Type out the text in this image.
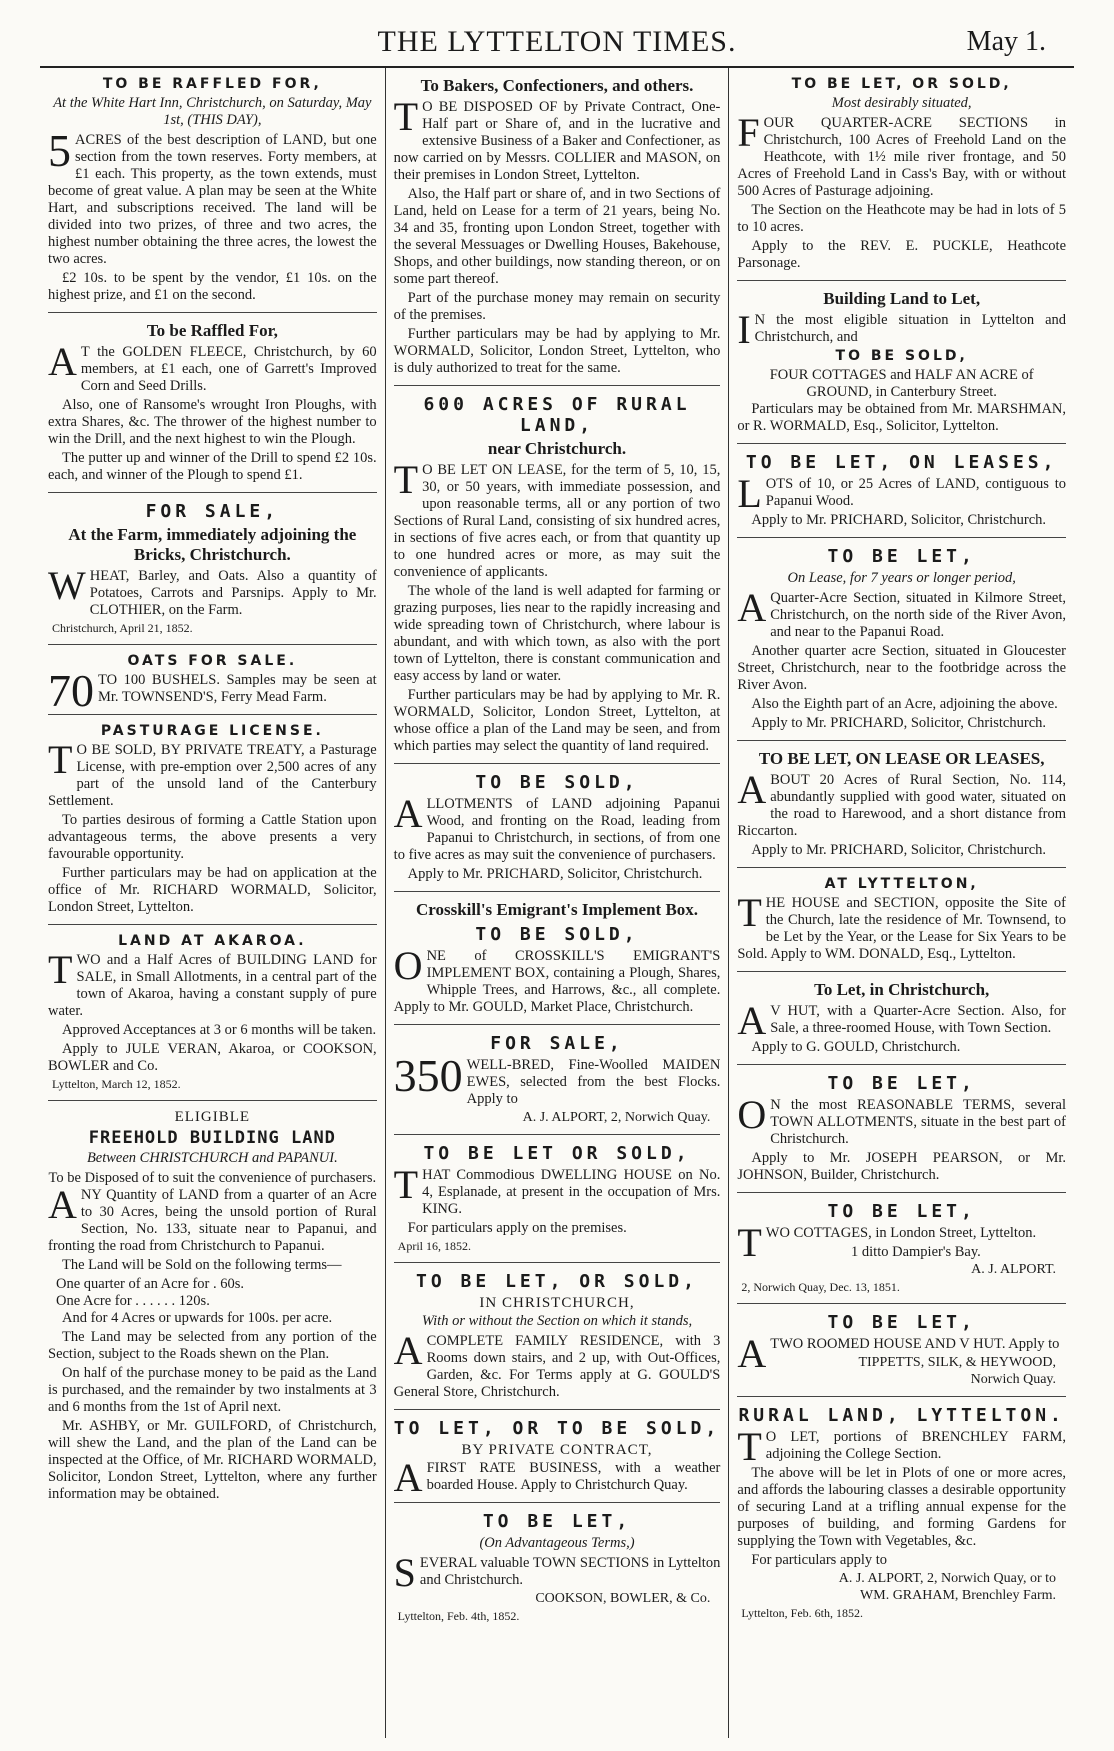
THE LYTTELTON TIMES.	May 1.
TO BE RAFFLED FOR,
At the White Hart Inn, Christchurch, on Saturday, May 1st, (THIS DAY),
5 ACRES of the best description of LAND, but one section from the town reserves. Forty members, at £1 each. This property, as the town extends, must become of great value. A plan may be seen at the White Hart, and subscriptions received. The land will be divided into two prizes, of three and two acres, the highest number obtaining the three acres, the lowest the two acres.

£2 10s. to be spent by the vendor, £1 10s. on the highest prize, and £1 on the second.

To be Raffled For,
A T the GOLDEN FLEECE, Christchurch, by 60 members, at £1 each, one of Garrett's Improved Corn and Seed Drills.

Also, one of Ransome's wrought Iron Ploughs, with extra Shares, &c. The thrower of the highest number to win the Drill, and the next highest to win the Plough.

The putter up and winner of the Drill to spend £2 10s. each, and winner of the Plough to spend £1.

FOR SALE,
At the Farm, immediately adjoining the Bricks, Christchurch.
W HEAT, Barley, and Oats. Also a quantity of Potatoes, Carrots and Parsnips. Apply to Mr. CLOTHIER, on the Farm.

Christchurch, April 21, 1852.
OATS FOR SALE.
70 TO 100 BUSHELS. Samples may be seen at Mr. TOWNSEND'S, Ferry Mead Farm.

PASTURAGE LICENSE.
T O BE SOLD, BY PRIVATE TREATY, a Pasturage License, with pre-emption over 2,500 acres of any part of the unsold land of the Canterbury Settlement.

To parties desirous of forming a Cattle Station upon advantageous terms, the above presents a very favourable opportunity.

Further particulars may be had on application at the office of Mr. RICHARD WORMALD, Solicitor, London Street, Lyttelton.

LAND AT AKAROA.
T WO and a Half Acres of BUILDING LAND for SALE, in Small Allotments, in a central part of the town of Akaroa, having a constant supply of pure water.

Approved Acceptances at 3 or 6 months will be taken.

Apply to JULE VERAN, Akaroa, or COOKSON, BOWLER and Co.

Lyttelton, March 12, 1852.
ELIGIBLE
FREEHOLD BUILDING LAND
Between CHRISTCHURCH and PAPANUI.
To be Disposed of to suit the convenience of purchasers.
A NY Quantity of LAND from a quarter of an Acre to 30 Acres, being the unsold portion of Rural Section, No. 133, situate near to Papanui, and fronting the road from Christchurch to Papanui.

The Land will be Sold on the following terms—

One quarter of an Acre for . 60s.
One Acre for . . . . . . 120s.

And for 4 Acres or upwards for 100s. per acre.

The Land may be selected from any portion of the Section, subject to the Roads shewn on the Plan.

On half of the purchase money to be paid as the Land is purchased, and the remainder by two instalments at 3 and 6 months from the 1st of April next.

Mr. ASHBY, or Mr. GUILFORD, of Christchurch, will shew the Land, and the plan of the Land can be inspected at the Office, of Mr. RICHARD WORMALD, Solicitor, London Street, Lyttelton, where any further information may be obtained.

To Bakers, Confectioners, and others.
T O BE DISPOSED OF by Private Contract, One-Half part or Share of, and in the lucrative and extensive Business of a Baker and Confectioner, as now carried on by Messrs. COLLIER and MASON, on their premises in London Street, Lyttelton.

Also, the Half part or share of, and in two Sections of Land, held on Lease for a term of 21 years, being No. 34 and 35, fronting upon London Street, together with the several Messuages or Dwelling Houses, Bakehouse, Shops, and other buildings, now standing thereon, or on some part thereof.

Part of the purchase money may remain on security of the premises.

Further particulars may be had by applying to Mr. WORMALD, Solicitor, London Street, Lyttelton, who is duly authorized to treat for the same.

600 ACRES OF RURAL LAND,
near Christchurch.
T O BE LET ON LEASE, for the term of 5, 10, 15, 30, or 50 years, with immediate possession, and upon reasonable terms, all or any portion of two Sections of Rural Land, consisting of six hundred acres, in sections of five acres each, or from that quantity up to one hundred acres or more, as may suit the convenience of applicants.

The whole of the land is well adapted for farming or grazing purposes, lies near to the rapidly increasing and wide spreading town of Christchurch, where labour is abundant, and with which town, as also with the port town of Lyttelton, there is constant communication and easy access by land or water.

Further particulars may be had by applying to Mr. R. WORMALD, Solicitor, London Street, Lyttelton, at whose office a plan of the Land may be seen, and from which parties may select the quantity of land required.

TO BE SOLD,
A LLOTMENTS of LAND adjoining Papanui Wood, and fronting on the Road, leading from Papanui to Christchurch, in sections, of from one to five acres as may suit the convenience of purchasers.

Apply to Mr. PRICHARD, Solicitor, Christchurch.

Crosskill's Emigrant's Implement Box.
TO BE SOLD,
O NE of CROSSKILL'S EMIGRANT'S IMPLEMENT BOX, containing a Plough, Shares, Whipple Trees, and Harrows, &c., all complete. Apply to Mr. GOULD, Market Place, Christchurch.

FOR SALE,
350 WELL-BRED, Fine-Woolled MAIDEN EWES, selected from the best Flocks. Apply to

A. J. ALPORT, 2, Norwich Quay.
TO BE LET OR SOLD,
T HAT Commodious DWELLING HOUSE on No. 4, Esplanade, at present in the occupation of Mrs. KING.

For particulars apply on the premises.

April 16, 1852.
TO BE LET, OR SOLD,
IN CHRISTCHURCH,
With or without the Section on which it stands,
A COMPLETE FAMILY RESIDENCE, with 3 Rooms down stairs, and 2 up, with Out-Offices, Garden, &c. For Terms apply at G. GOULD'S General Store, Christchurch.

TO LET, OR TO BE SOLD,
BY PRIVATE CONTRACT,
A FIRST RATE BUSINESS, with a weather boarded House. Apply to Christchurch Quay.

TO BE LET,
(On Advantageous Terms,)
S EVERAL valuable TOWN SECTIONS in Lyttelton and Christchurch.

COOKSON, BOWLER, & Co.
Lyttelton, Feb. 4th, 1852.
TO BE LET, OR SOLD,
Most desirably situated,
F OUR QUARTER-ACRE SECTIONS in Christchurch, 100 Acres of Freehold Land on the Heathcote, with 1½ mile river frontage, and 50 Acres of Freehold Land in Cass's Bay, with or without 500 Acres of Pasturage adjoining.

The Section on the Heathcote may be had in lots of 5 to 10 acres.

Apply to the REV. E. PUCKLE, Heathcote Parsonage.

Building Land to Let,
I N the most eligible situation in Lyttelton and Christchurch, and

TO BE SOLD,
FOUR COTTAGES and HALF AN ACRE of GROUND, in Canterbury Street.

Particulars may be obtained from Mr. MARSHMAN, or R. WORMALD, Esq., Solicitor, Lyttelton.

TO BE LET, ON LEASES,
L OTS of 10, or 25 Acres of LAND, contiguous to Papanui Wood.

Apply to Mr. PRICHARD, Solicitor, Christchurch.

TO BE LET,
On Lease, for 7 years or longer period,
A Quarter-Acre Section, situated in Kilmore Street, Christchurch, on the north side of the River Avon, and near to the Papanui Road.

Another quarter acre Section, situated in Gloucester Street, Christchurch, near to the footbridge across the River Avon.

Also the Eighth part of an Acre, adjoining the above.

Apply to Mr. PRICHARD, Solicitor, Christchurch.

TO BE LET, ON LEASE OR LEASES,
A BOUT 20 Acres of Rural Section, No. 114, abundantly supplied with good water, situated on the road to Harewood, and a short distance from Riccarton.

Apply to Mr. PRICHARD, Solicitor, Christchurch.

AT LYTTELTON,
T HE HOUSE and SECTION, opposite the Site of the Church, late the residence of Mr. Townsend, to be Let by the Year, or the Lease for Six Years to be Sold. Apply to WM. DONALD, Esq., Lyttelton.

To Let, in Christchurch,
A V HUT, with a Quarter-Acre Section. Also, for Sale, a three-roomed House, with Town Section.

Apply to G. GOULD, Christchurch.

TO BE LET,
O N the most REASONABLE TERMS, several TOWN ALLOTMENTS, situate in the best part of Christchurch.

Apply to Mr. JOSEPH PEARSON, or Mr. JOHNSON, Builder, Christchurch.

TO BE LET,
T WO COTTAGES, in London Street, Lyttelton.

1 ditto Dampier's Bay.
A. J. ALPORT.
2, Norwich Quay, Dec. 13, 1851.
TO BE LET,
A TWO ROOMED HOUSE AND V HUT. Apply to

TIPPETTS, SILK, & HEYWOOD,
Norwich Quay.
RURAL LAND, LYTTELTON.
T O LET, portions of BRENCHLEY FARM, adjoining the College Section.

The above will be let in Plots of one or more acres, and affords the labouring classes a desirable opportunity of securing Land at a trifling annual expense for the purposes of building, and forming Gardens for supplying the Town with Vegetables, &c.

For particulars apply to

A. J. ALPORT, 2, Norwich Quay, or to
WM. GRAHAM, Brenchley Farm.
Lyttelton, Feb. 6th, 1852.
